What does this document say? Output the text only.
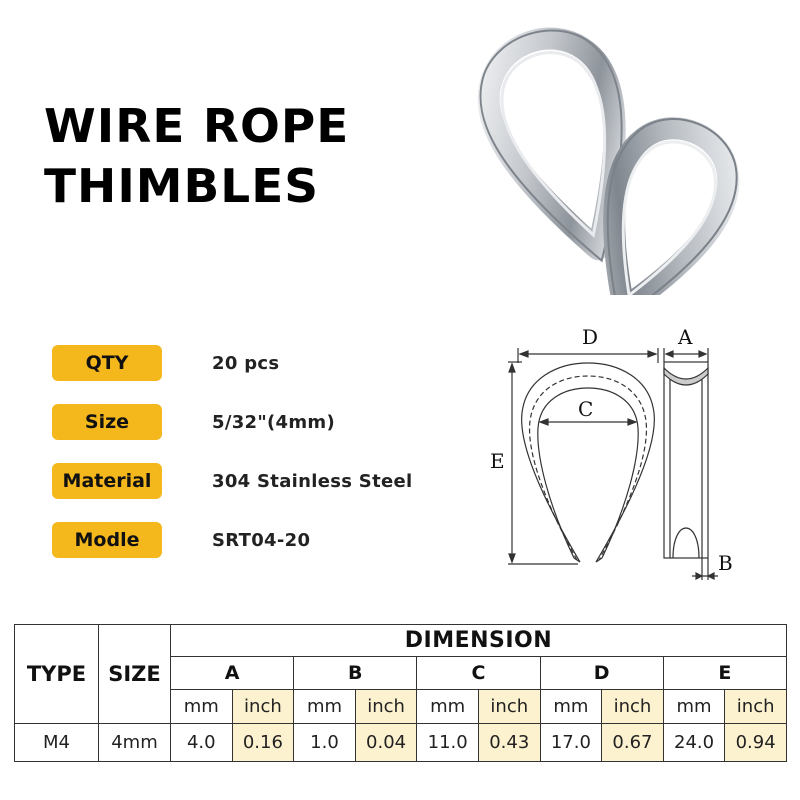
WIRE ROPE
THIMBLES
QTY	20 pcs
Size	5/32"(4mm)
Material	304 Stainless Steel
Modle	SRT04-20
D
C
E
A
B
TYPE	SIZE	DIMENSION									
		A		B		C		D		E	
		mm	inch	mm	inch	mm	inch	mm	inch	mm	inch
M4	4mm	4.0	0.16	1.0	0.04	11.0	0.43	17.0	0.67	24.0	0.94
